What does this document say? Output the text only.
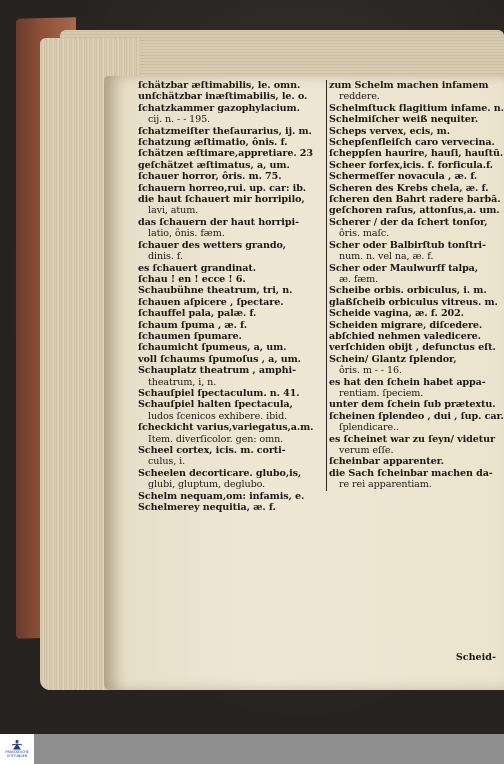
ſchätzbar æſtimabilis, le. omn.
unſchätzbar inæſtimabilis, le. o.
ſchatzkammer gazophylacium.
cij. n. - - 195.
ſchatzmeiſter theſaurarius, ij. m.
ſchatzung æſtimatio, ônis. f.
ſchätzen æſtimare,appretiare. 23
geſchätzet æſtimatus, a, um.
ſchauer horror, ôris. m. 75.
ſchauern horreo,rui. up. car: ib.
die haut ſchauert mir horripilo,
lavi, atum.
das ſchauern der haut horripi-
latio, ônis. fæm.
ſchauer des wetters grando,
dinis. f.
es ſchauert grandinat.
ſchau ! en ! ecce ! 6.
Schaubühne theatrum, tri, n.
ſchauen aſpicere , ſpectare.
ſchauffel pala, palæ. f.
ſchaum ſpuma , æ. f.
ſchaumen ſpumare.
ſchaumicht ſpumeus, a, um.
voll ſchaums ſpumoſus , a, um.
Schauplatz theatrum , amphi-
theatrum, i, n.
Schauſpiel ſpectaculum. n. 41.
Schauſpiel halten ſpectacula,
ludos ſcenicos exhibere. ibid.
ſcheckicht varius,variegatus,a.m.
Item. diverſicolor. gen: omn.
Scheel cortex, icis. m. corti-
culus, i.
Scheelen decorticare. glubo,is,
glubi, gluptum, deglubo.
Schelm nequam,om: infamis, e.
Schelmerey nequitia, æ. f.
zum Schelm machen infamem
reddere.
Schelmſtuck flagitium infame. n.
Schelmiſcher weiß nequiter.
Scheps vervex, ecis, m.
Schepſenfleiſch caro vervecina.
ſcheppſen haurire, hauſi, hauſtū.
Scheer forfex,icis. f. forficula.f.
Schermeſſer novacula , æ. f.
Scheren des Krebs chela, æ. f.
ſcheren den Bahrt radere barbā.
geſchoren raſus, attonſus,a. um.
Scherer / der da ſchert tonſor,
ôris. maſc.
Scher oder Balbirſtub tonſtri-
num. n. vel na, æ. f.
Scher oder Maulwurff talpa,
æ. fæm.
Scheibe orbis. orbiculus, i. m.
glaßſcheib orbiculus vitreus. m.
Scheide vagina, æ. f. 202.
Scheiden migrare, diſcedere.
abſchied nehmen valedicere.
verſchiden obijt , defunctus eſt.
Schein/ Glantz ſplendor,
ôris. m - - 16.
es hat den ſchein habet appa-
rentiam. ſpeciem.
unter dem ſchein ſub prætextu.
ſcheinen ſplendeo , dui , ſup. car.
ſplendicare..
es ſcheinet war zu ſeyn/ videtur
verum eſſe.
ſcheinbar apparenter.
die Sach ſcheinbar machen da-
re rei apparentiam.
Scheid-
FRANCKESCHE
STIFTUNGEN
